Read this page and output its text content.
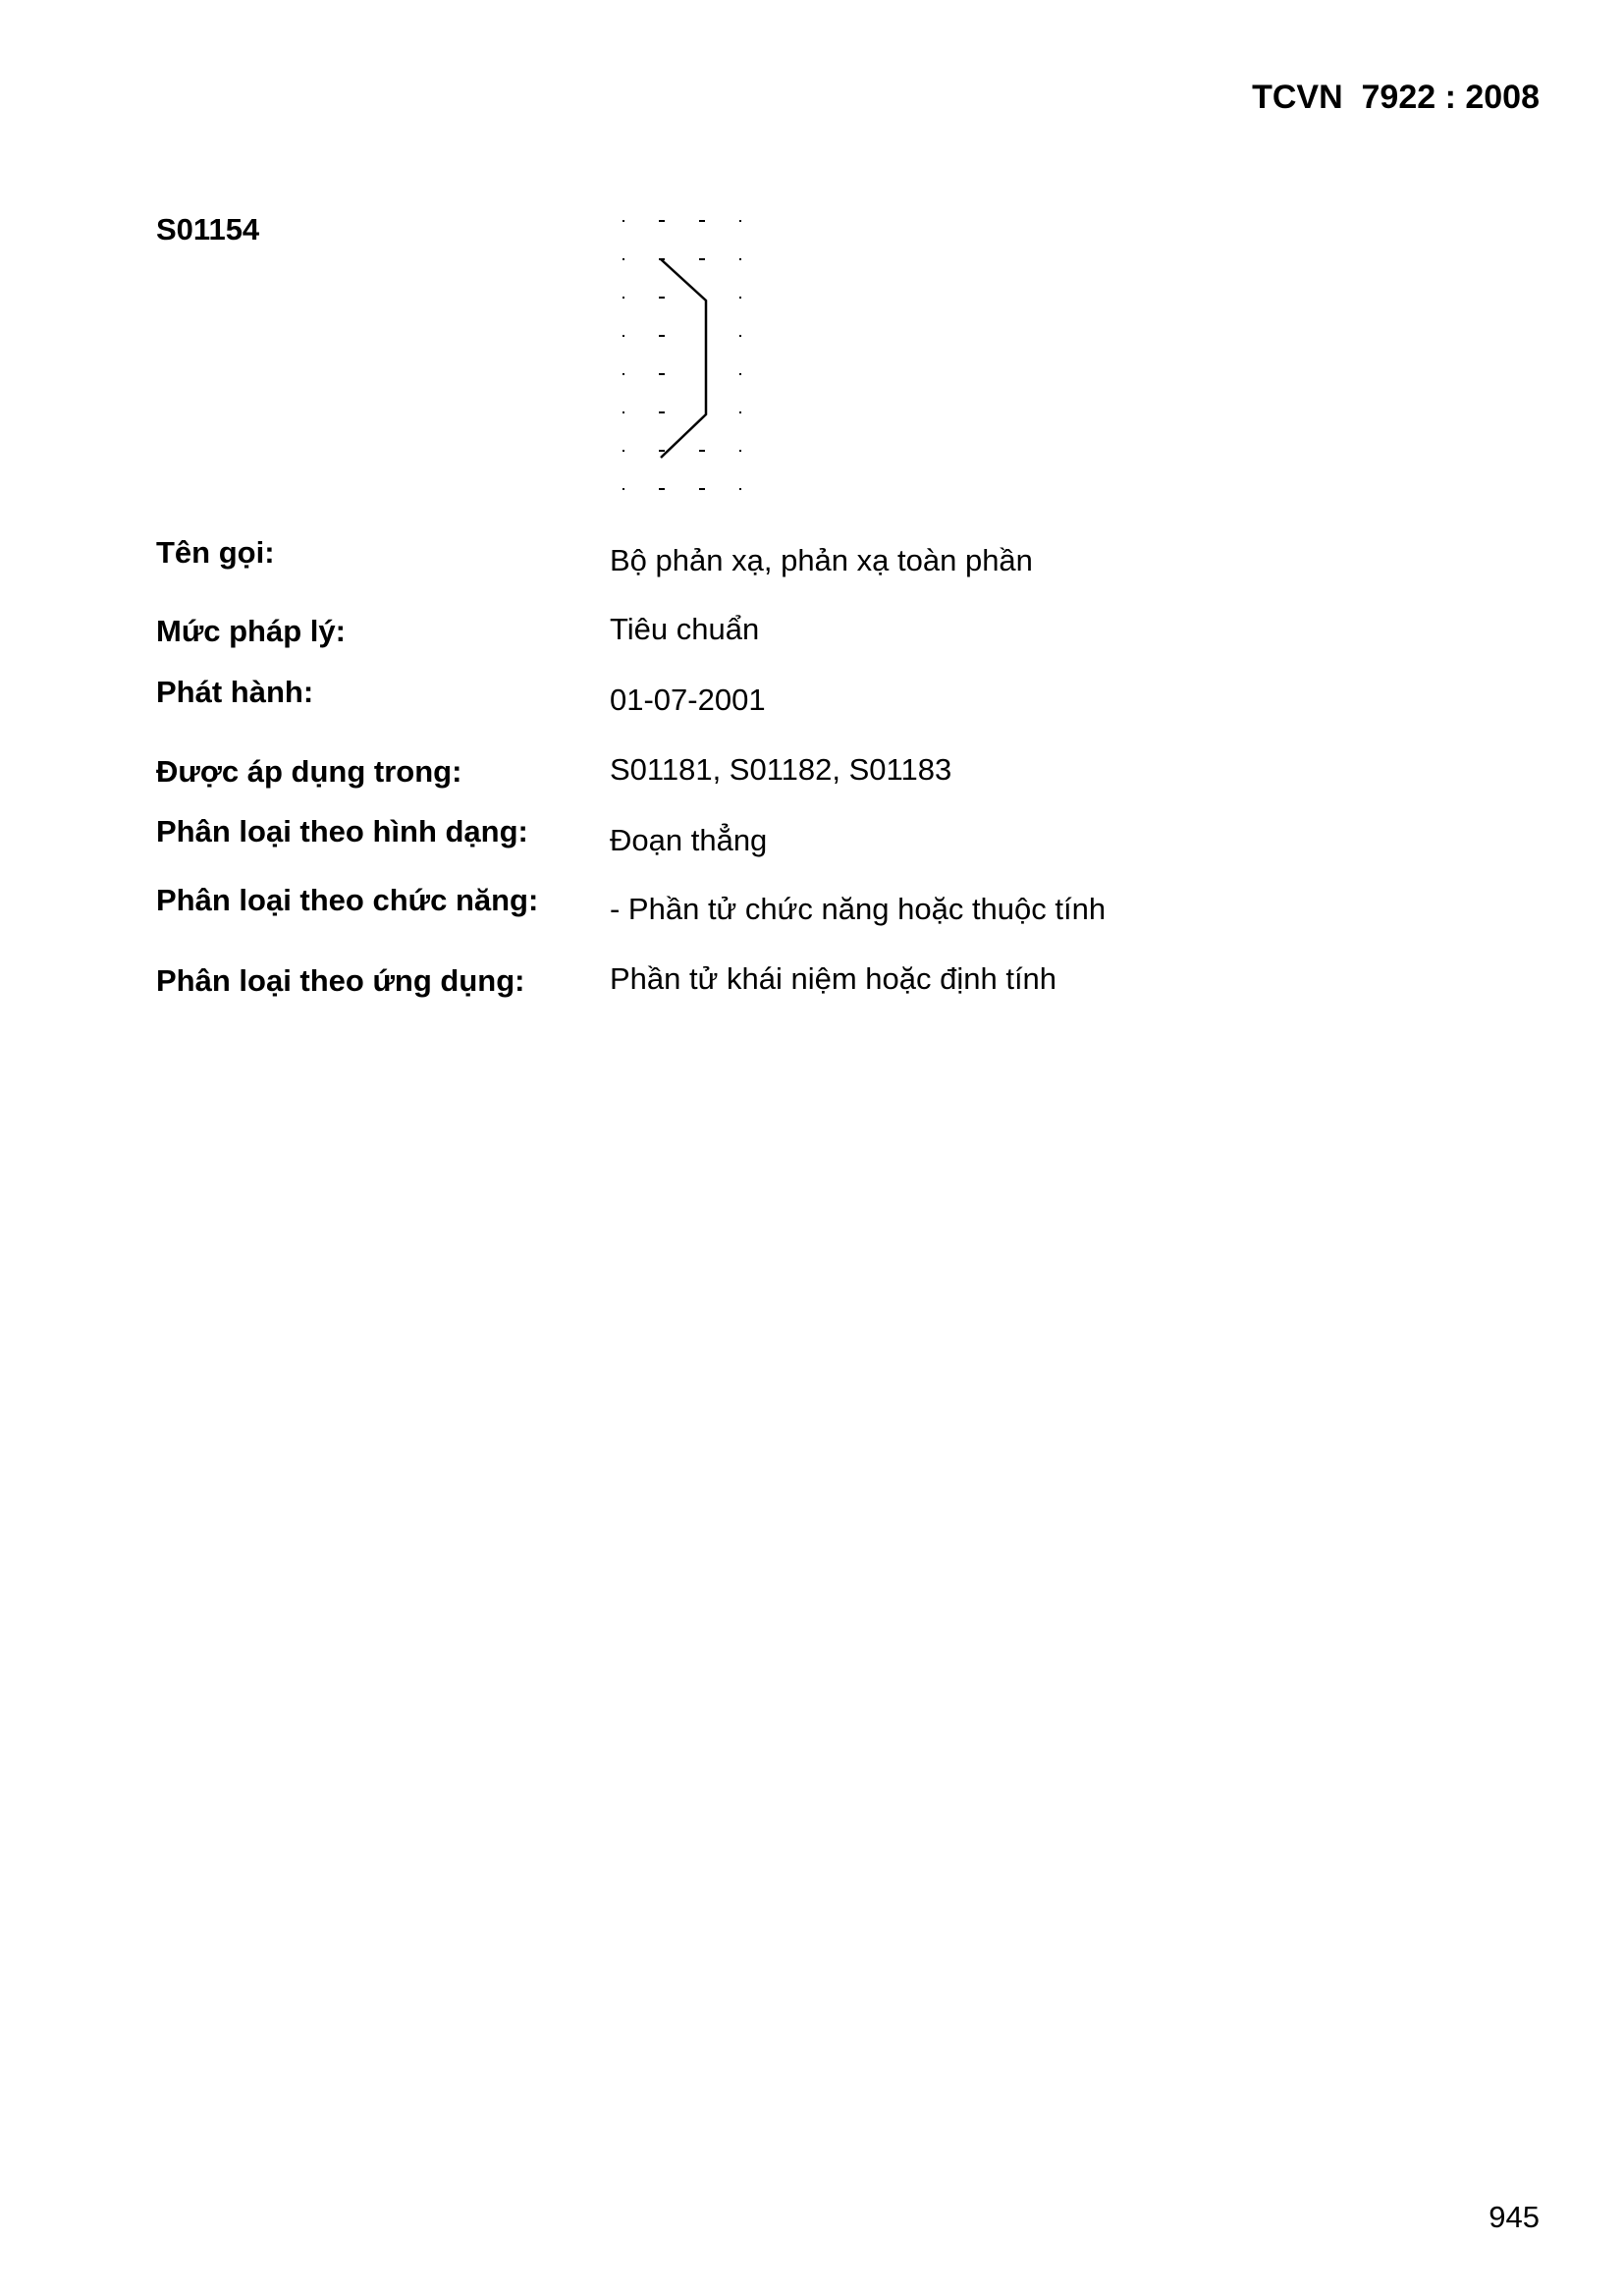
TCVN  7922 : 2008
S01154
Tên gọi:	Bộ phản xạ, phản xạ toàn phần
Mức pháp lý:	Tiêu chuẩn
Phát hành:	01-07-2001
Được áp dụng trong:	S01181, S01182, S01183
Phân loại theo hình dạng:	Đoạn thẳng
Phân loại theo chức năng: - Phần tử chức năng hoặc thuộc tính
Phân loại theo ứng dụng:	Phần tử khái niệm hoặc định tính
945
